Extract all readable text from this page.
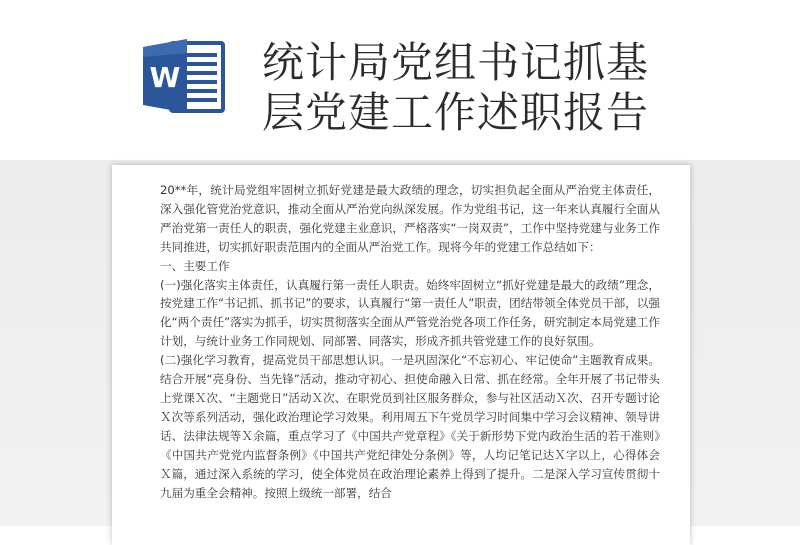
W 统计局党组书记抓基
层党建工作述职报告

20**年，统计局党组牢固树立抓好党建是最大政绩的理念，切实担负起全面从严治党主体责任，深入强化管党治党意识，推动全面从严治党向纵深发展。作为党组书记，这一年来认真履行全面从严治党第一责任人的职责，强化党建主业意识，严格落实“一岗双责”，工作中坚持党建与业务工作共同推进，切实抓好职责范围内的全面从严治党工作。现将今年的党建工作总结如下：

一、主要工作

(一)强化落实主体责任，认真履行第一责任人职责。始终牢固树立“抓好党建是最大的政绩”理念，按党建工作“书记抓、抓书记”的要求，认真履行“第一责任人”职责，团结带领全体党员干部，以强化“两个责任”落实为抓手，切实贯彻落实全面从严管党治党各项工作任务，研究制定本局党建工作计划，与统计业务工作同规划、同部署、同落实，形成齐抓共管党建工作的良好氛围。

(二)强化学习教育，提高党员干部思想认识。一是巩固深化“不忘初心、牢记使命”主题教育成果。结合开展“亮身份、当先锋”活动，推动守初心、担使命融入日常、抓在经常。全年开展了书记带头上党课Ｘ次、“主题党日”活动Ｘ次、在职党员到社区服务群众，参与社区活动Ｘ次、召开专题讨论Ｘ次等系列活动，强化政治理论学习效果。利用周五下午党员学习时间集中学习会议精神、领导讲话、法律法规等Ｘ余篇，重点学习了《中国共产党章程》《关于新形势下党内政治生活的若干准则》《中国共产党党内监督条例》《中国共产党纪律处分条例》等，人均记笔记达Ｘ字以上，心得体会Ｘ篇，通过深入系统的学习，使全体党员在政治理论素养上得到了提升。二是深入学习宣传贯彻十九届为重全会精神。按照上级统一部署，结合
